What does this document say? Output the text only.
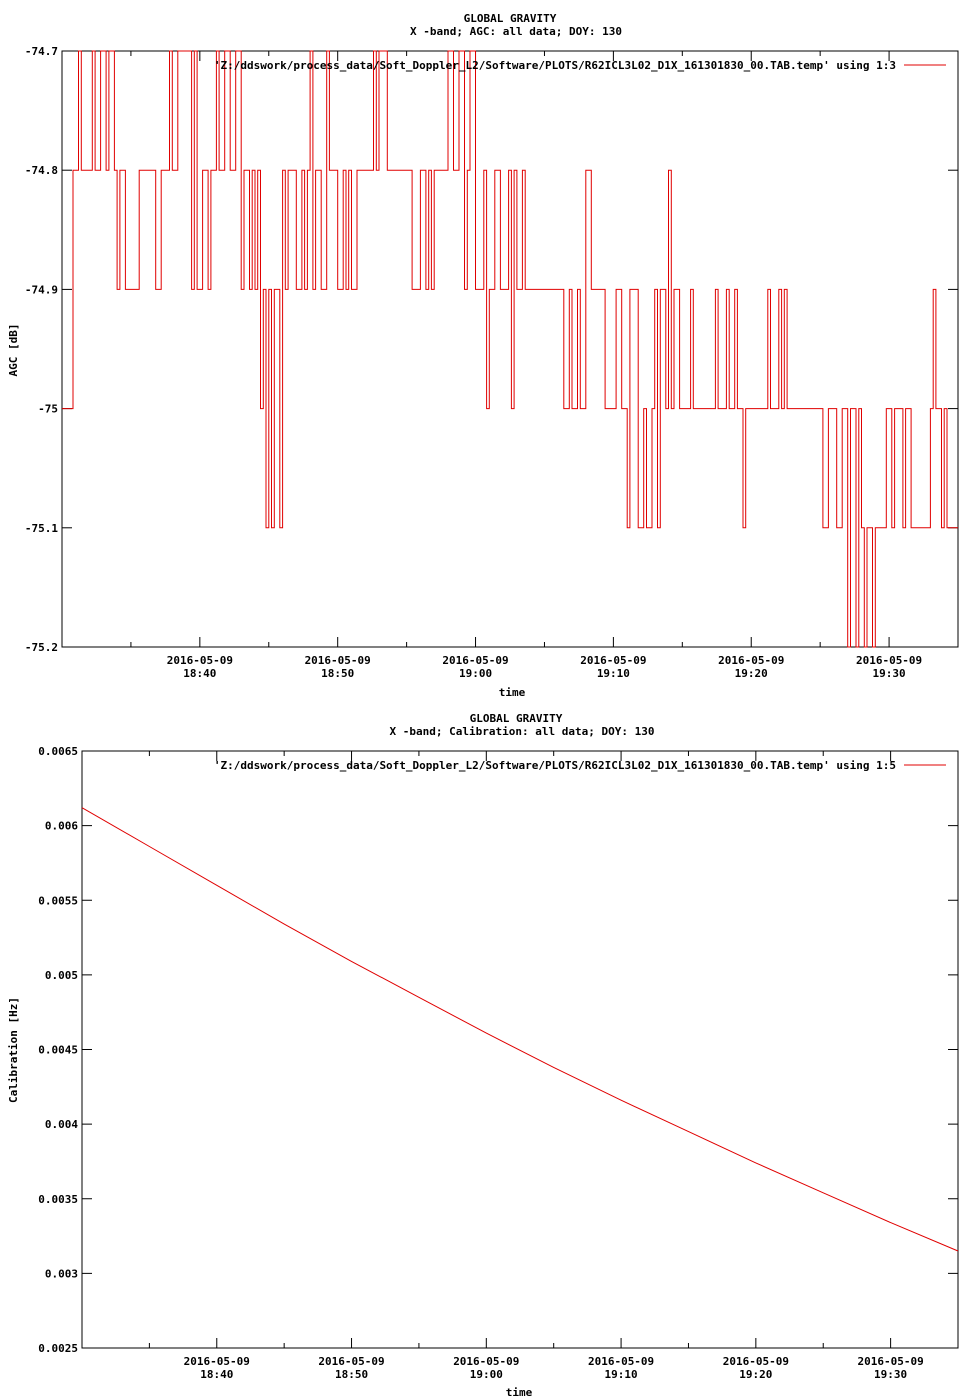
GLOBAL GRAVITY
X -band; AGC: all data; DOY: 130
-74.7
-74.8
-74.9
-75
-75.1
-75.2
2016-05-09
18:40
2016-05-09
18:50
2016-05-09
19:00
2016-05-09
19:10
2016-05-09
19:20
2016-05-09
19:30
'Z:/ddswork/process_data/Soft_Doppler_L2/Software/PLOTS/R62ICL3L02_D1X_161301830_00.TAB.temp' using 1:3
time
AGC [dB]
GLOBAL GRAVITY
X -band; Calibration: all data; DOY: 130
0.0065
0.006
0.0055
0.005
0.0045
0.004
0.0035
0.003
0.0025
2016-05-09
18:40
2016-05-09
18:50
2016-05-09
19:00
2016-05-09
19:10
2016-05-09
19:20
2016-05-09
19:30
'Z:/ddswork/process_data/Soft_Doppler_L2/Software/PLOTS/R62ICL3L02_D1X_161301830_00.TAB.temp' using 1:5
time
Calibration [Hz]
